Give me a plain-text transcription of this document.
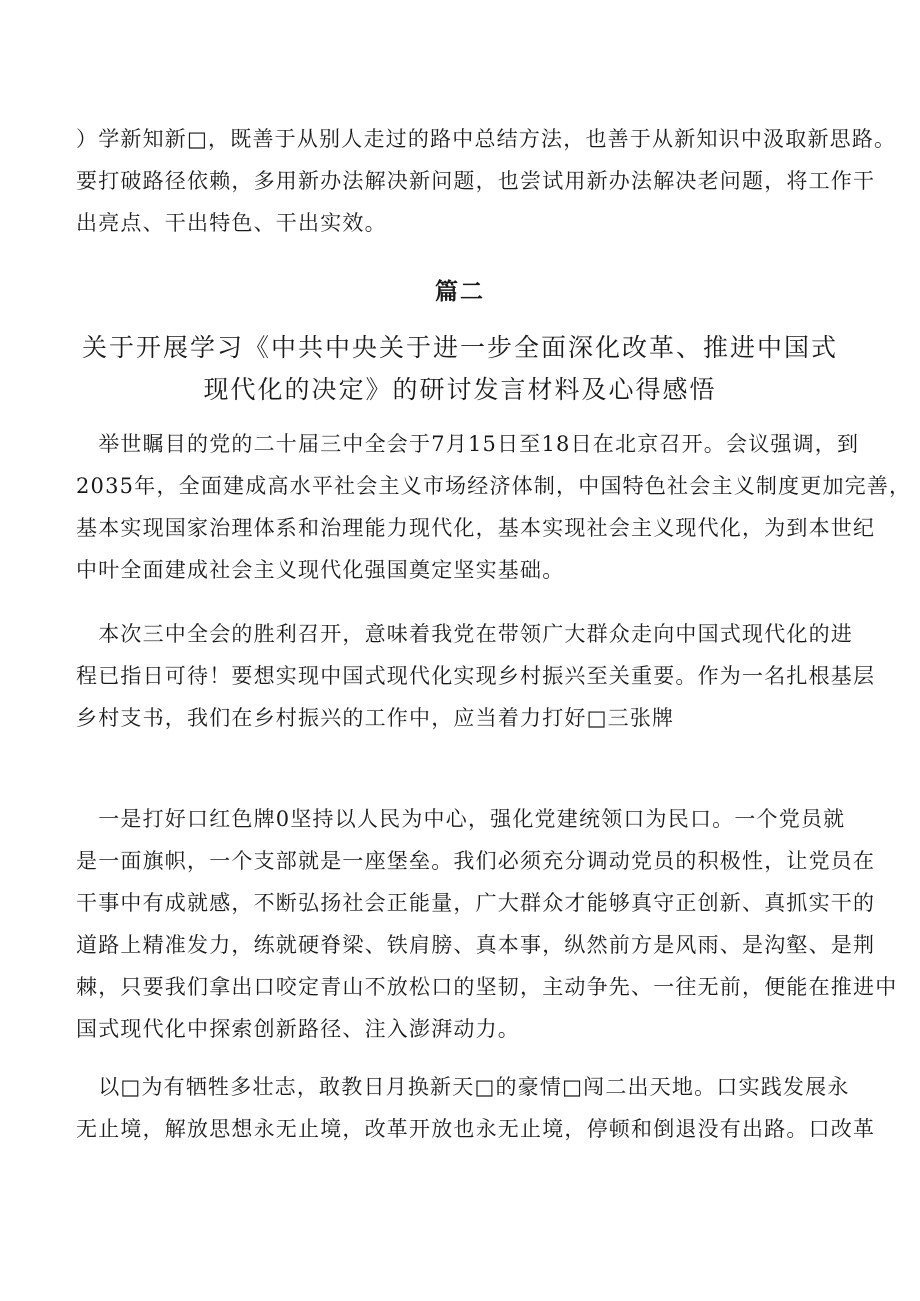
）学新知新□，既善于从别人走过的路中总结方法，也善于从新知识中汲取新思路。
要打破路径依赖，多用新办法解决新问题，也尝试用新办法解决老问题，将工作干
出亮点、干出特色、干出实效。
篇二
关于开展学习《中共中央关于进一步全面深化改革、推进中国式
现代化的决定》的研讨发言材料及心得感悟
　举世瞩目的党的二十届三中全会于7月15日至18日在北京召开。会议强调，到
2035年，全面建成高水平社会主义市场经济体制，中国特色社会主义制度更加完善，
基本实现国家治理体系和治理能力现代化，基本实现社会主义现代化，为到本世纪
中叶全面建成社会主义现代化强国奠定坚实基础。
　本次三中全会的胜利召开，意味着我党在带领广大群众走向中国式现代化的进
程已指日可待！要想实现中国式现代化实现乡村振兴至关重要。作为一名扎根基层
乡村支书，我们在乡村振兴的工作中，应当着力打好□三张牌
　一是打好口红色牌0坚持以人民为中心，强化党建统领口为民口。一个党员就
是一面旗帜，一个支部就是一座堡垒。我们必须充分调动党员的积极性，让党员在
干事中有成就感，不断弘扬社会正能量，广大群众才能够真守正创新、真抓实干的
道路上精准发力，练就硬脊梁、铁肩膀、真本事，纵然前方是风雨、是沟壑、是荆
棘，只要我们拿出口咬定青山不放松口的坚韧，主动争先、一往无前，便能在推进中
国式现代化中探索创新路径、注入澎湃动力。
　以□为有牺牲多壮志，敢教日月换新天□的豪情□闯二出天地。口实践发展永
无止境，解放思想永无止境，改革开放也永无止境，停顿和倒退没有出路。口改革
